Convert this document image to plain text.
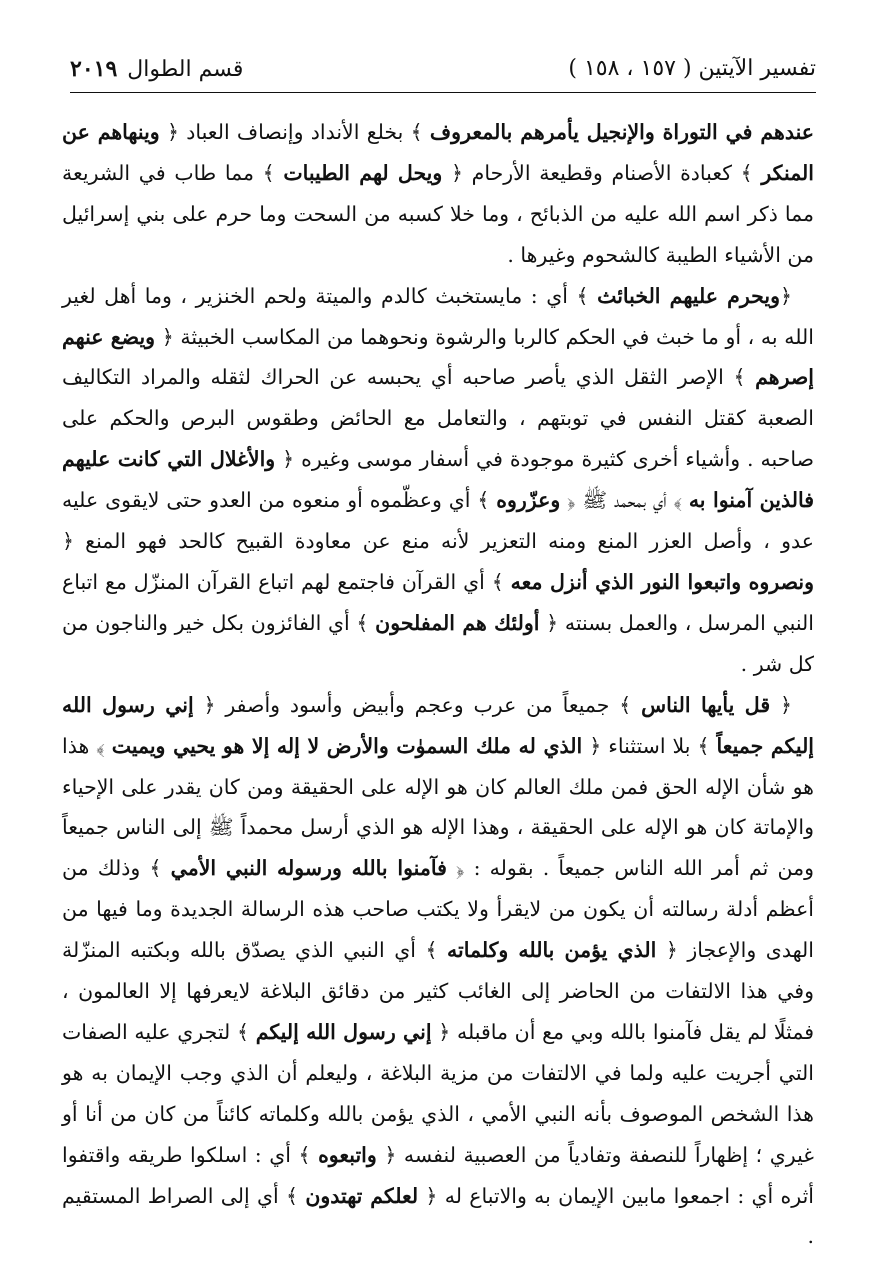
تفسير الآيتين ( ١٥٧ ، ١٥٨ )
قسم الطوال٢٠١٩

عندهم في التوراة والإنجيل يأمرهم بالمعروف ﴾ بخلع الأنداد وإنصاف العباد ﴿ وينهاهم عن المنكر ﴾ كعبادة الأصنام وقطيعة الأرحام ﴿ ويحل لهم الطيبات ﴾ مما طاب في الشريعة مما ذكر اسم الله عليه من الذبائح ، وما خلا كسبه من السحت وما حرم على بني إسرائيل من الأشياء الطيبة كالشحوم وغيرها .

﴿ويحرم عليهم الخبائث ﴾ أي : مايستخبث كالدم والميتة ولحم الخنزير ، وما أهل لغير الله به ، أو ما خبث في الحكم كالربا والرشوة ونحوهما من المكاسب الخبيثة ﴿ ويضع عنهم إصرهم ﴾ الإصر الثقل الذي يأصر صاحبه أي يحبسه عن الحراك لثقله والمراد التكاليف الصعبة كقتل النفس في توبتهم ، والتعامل مع الحائض وطقوس البرص والحكم على صاحبه . وأشياء أخرى كثيرة موجودة في أسفار موسى وغيره ﴿ والأغلال التي كانت عليهم فالذين آمنوا به ﴾ أي بمحمد ﷺ ﴿ وعزّروه ﴾ أي وعظّموه أو منعوه من العدو حتى لايقوى عليه عدو ، وأصل العزر المنع ومنه التعزير لأنه منع عن معاودة القبيح كالحد فهو المنع ﴿ ونصروه واتبعوا النور الذي أنزل معه ﴾ أي القرآن فاجتمع لهم اتباع القرآن المنزّل مع اتباع النبي المرسل ، والعمل بسنته ﴿ أولئك هم المفلحون ﴾ أي الفائزون بكل خير والناجون من كل شر .

﴿ قل يأيها الناس ﴾ جميعاً من عرب وعجم وأبيض وأسود وأصفر ﴿ إني رسول الله إليكم جميعاً ﴾ بلا استثناء ﴿ الذي له ملك السموٰت والأرض لا إله إلا هو يحيي ويميت ﴾ هذا هو شأن الإله الحق فمن ملك العالم كان هو الإله على الحقيقة ومن كان يقدر على الإحياء والإماتة كان هو الإله على الحقيقة ، وهذا الإله هو الذي أرسل محمداً ﷺ إلى الناس جميعاً ومن ثم أمر الله الناس جميعاً . بقوله : ﴿ فآمنوا بالله ورسوله النبي الأمي ﴾ وذلك من أعظم أدلة رسالته أن يكون من لايقرأ ولا يكتب صاحب هذه الرسالة الجديدة وما فيها من الهدى والإعجاز ﴿ الذي يؤمن بالله وكلماته ﴾ أي النبي الذي يصدّق بالله وبكتبه المنزّلة وفي هذا الالتفات من الحاضر إلى الغائب كثير من دقائق البلاغة لايعرفها إلا العالمون ، فمثلًا لم يقل فآمنوا بالله وبي مع أن ماقبله ﴿ إني رسول الله إليكم ﴾ لتجري عليه الصفات التي أجريت عليه ولما في الالتفات من مزية البلاغة ، وليعلم أن الذي وجب الإيمان به هو هذا الشخص الموصوف بأنه النبي الأمي ، الذي يؤمن بالله وكلماته كائناً من كان من أنا أو غيري ؛ إظهاراً للنصفة وتفادياً من العصبية لنفسه ﴿ واتبعوه ﴾ أي : اسلكوا طريقه واقتفوا أثره أي : اجمعوا مابين الإيمان به والاتباع له ﴿ لعلكم تهتدون ﴾ أي إلى الصراط المستقيم .
